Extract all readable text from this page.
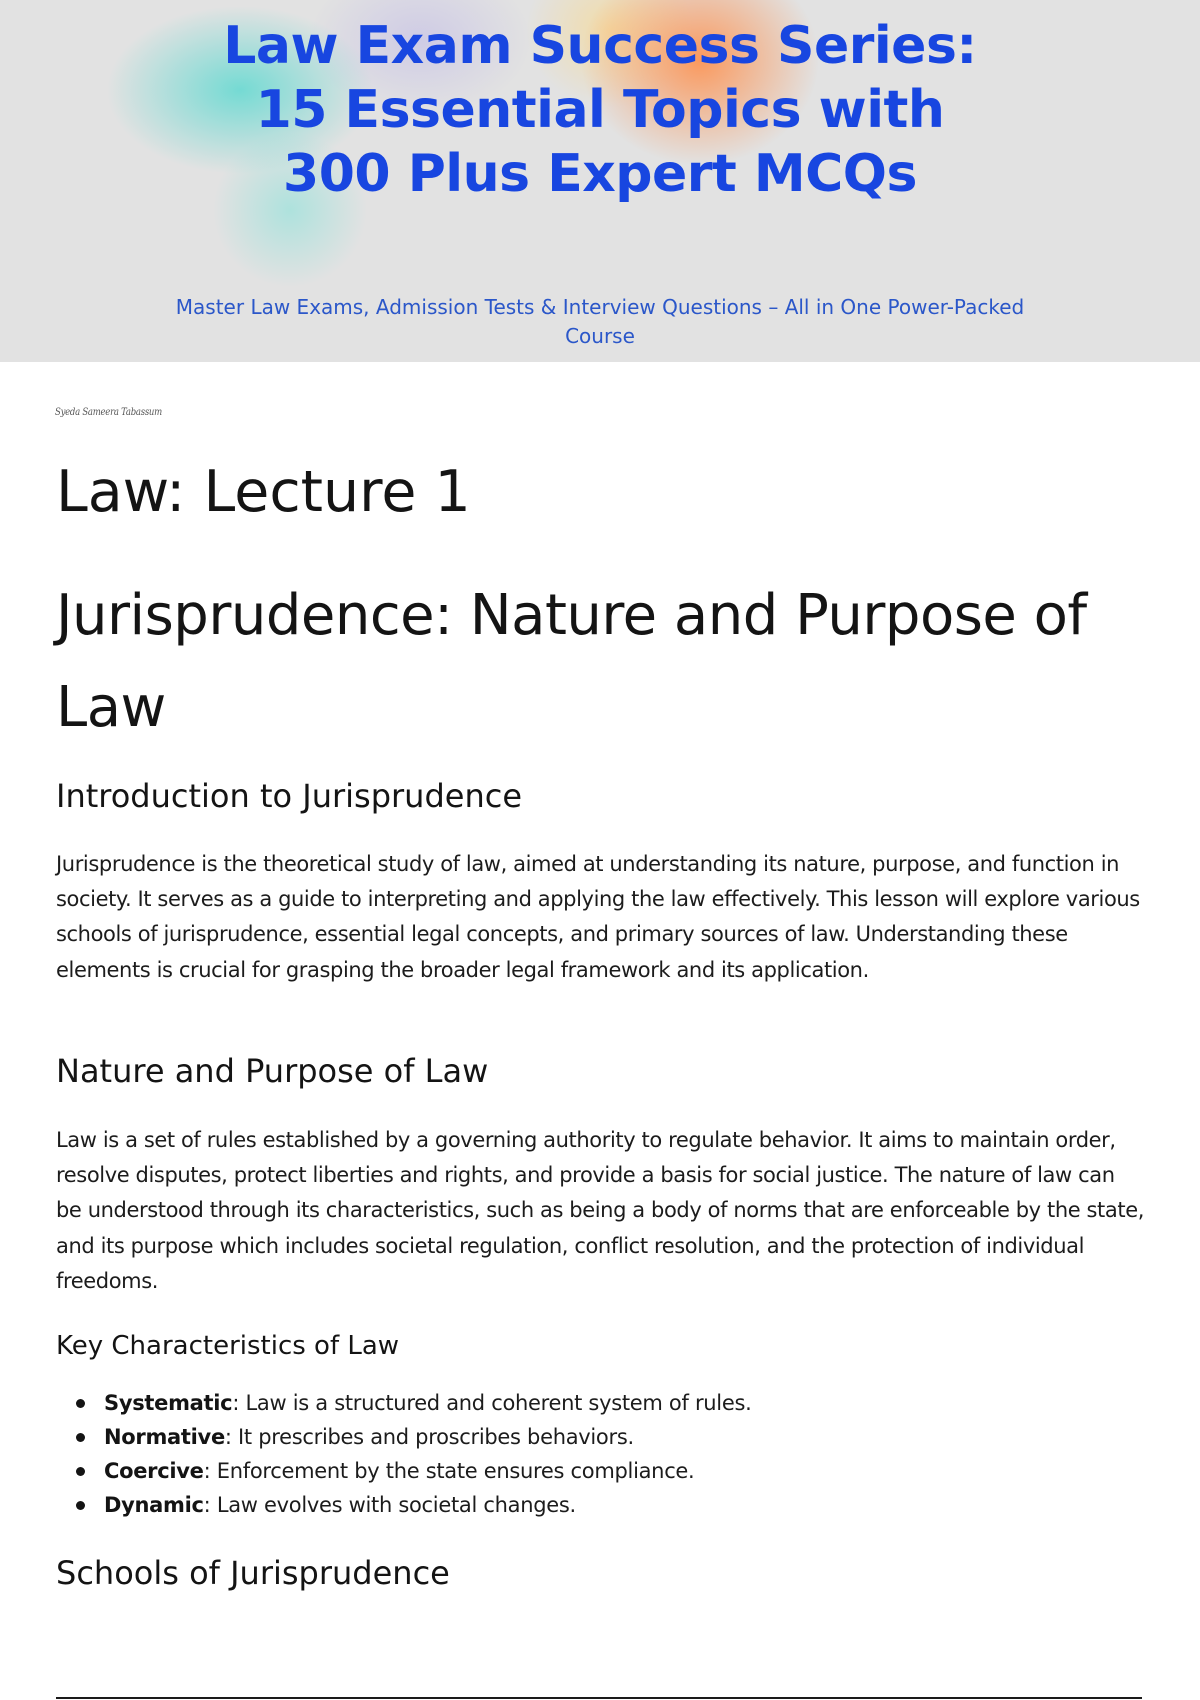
Law Exam Success Series:
15 Essential Topics with
300 Plus Expert MCQs

Master Law Exams, Admission Tests & Interview Questions – All in One Power-Packed Course

Syeda Sameera Tabassum
Law: Lecture 1
Jurisprudence: Nature and Purpose of Law
Introduction to Jurisprudence

Jurisprudence is the theoretical study of law, aimed at understanding its nature, purpose, and function in society. It serves as a guide to interpreting and applying the law effectively. This lesson will explore various schools of jurisprudence, essential legal concepts, and primary sources of law. Understanding these elements is crucial for grasping the broader legal framework and its application.

Nature and Purpose of Law

Law is a set of rules established by a governing authority to regulate behavior. It aims to maintain order, resolve disputes, protect liberties and rights, and provide a basis for social justice. The nature of law can be understood through its characteristics, such as being a body of norms that are enforceable by the state, and its purpose which includes societal regulation, conflict resolution, and the protection of individual freedoms.

Key Characteristics of Law
Systematic: Law is a structured and coherent system of rules.
Normative: It prescribes and proscribes behaviors.
Coercive: Enforcement by the state ensures compliance.
Dynamic: Law evolves with societal changes.
Schools of Jurisprudence
